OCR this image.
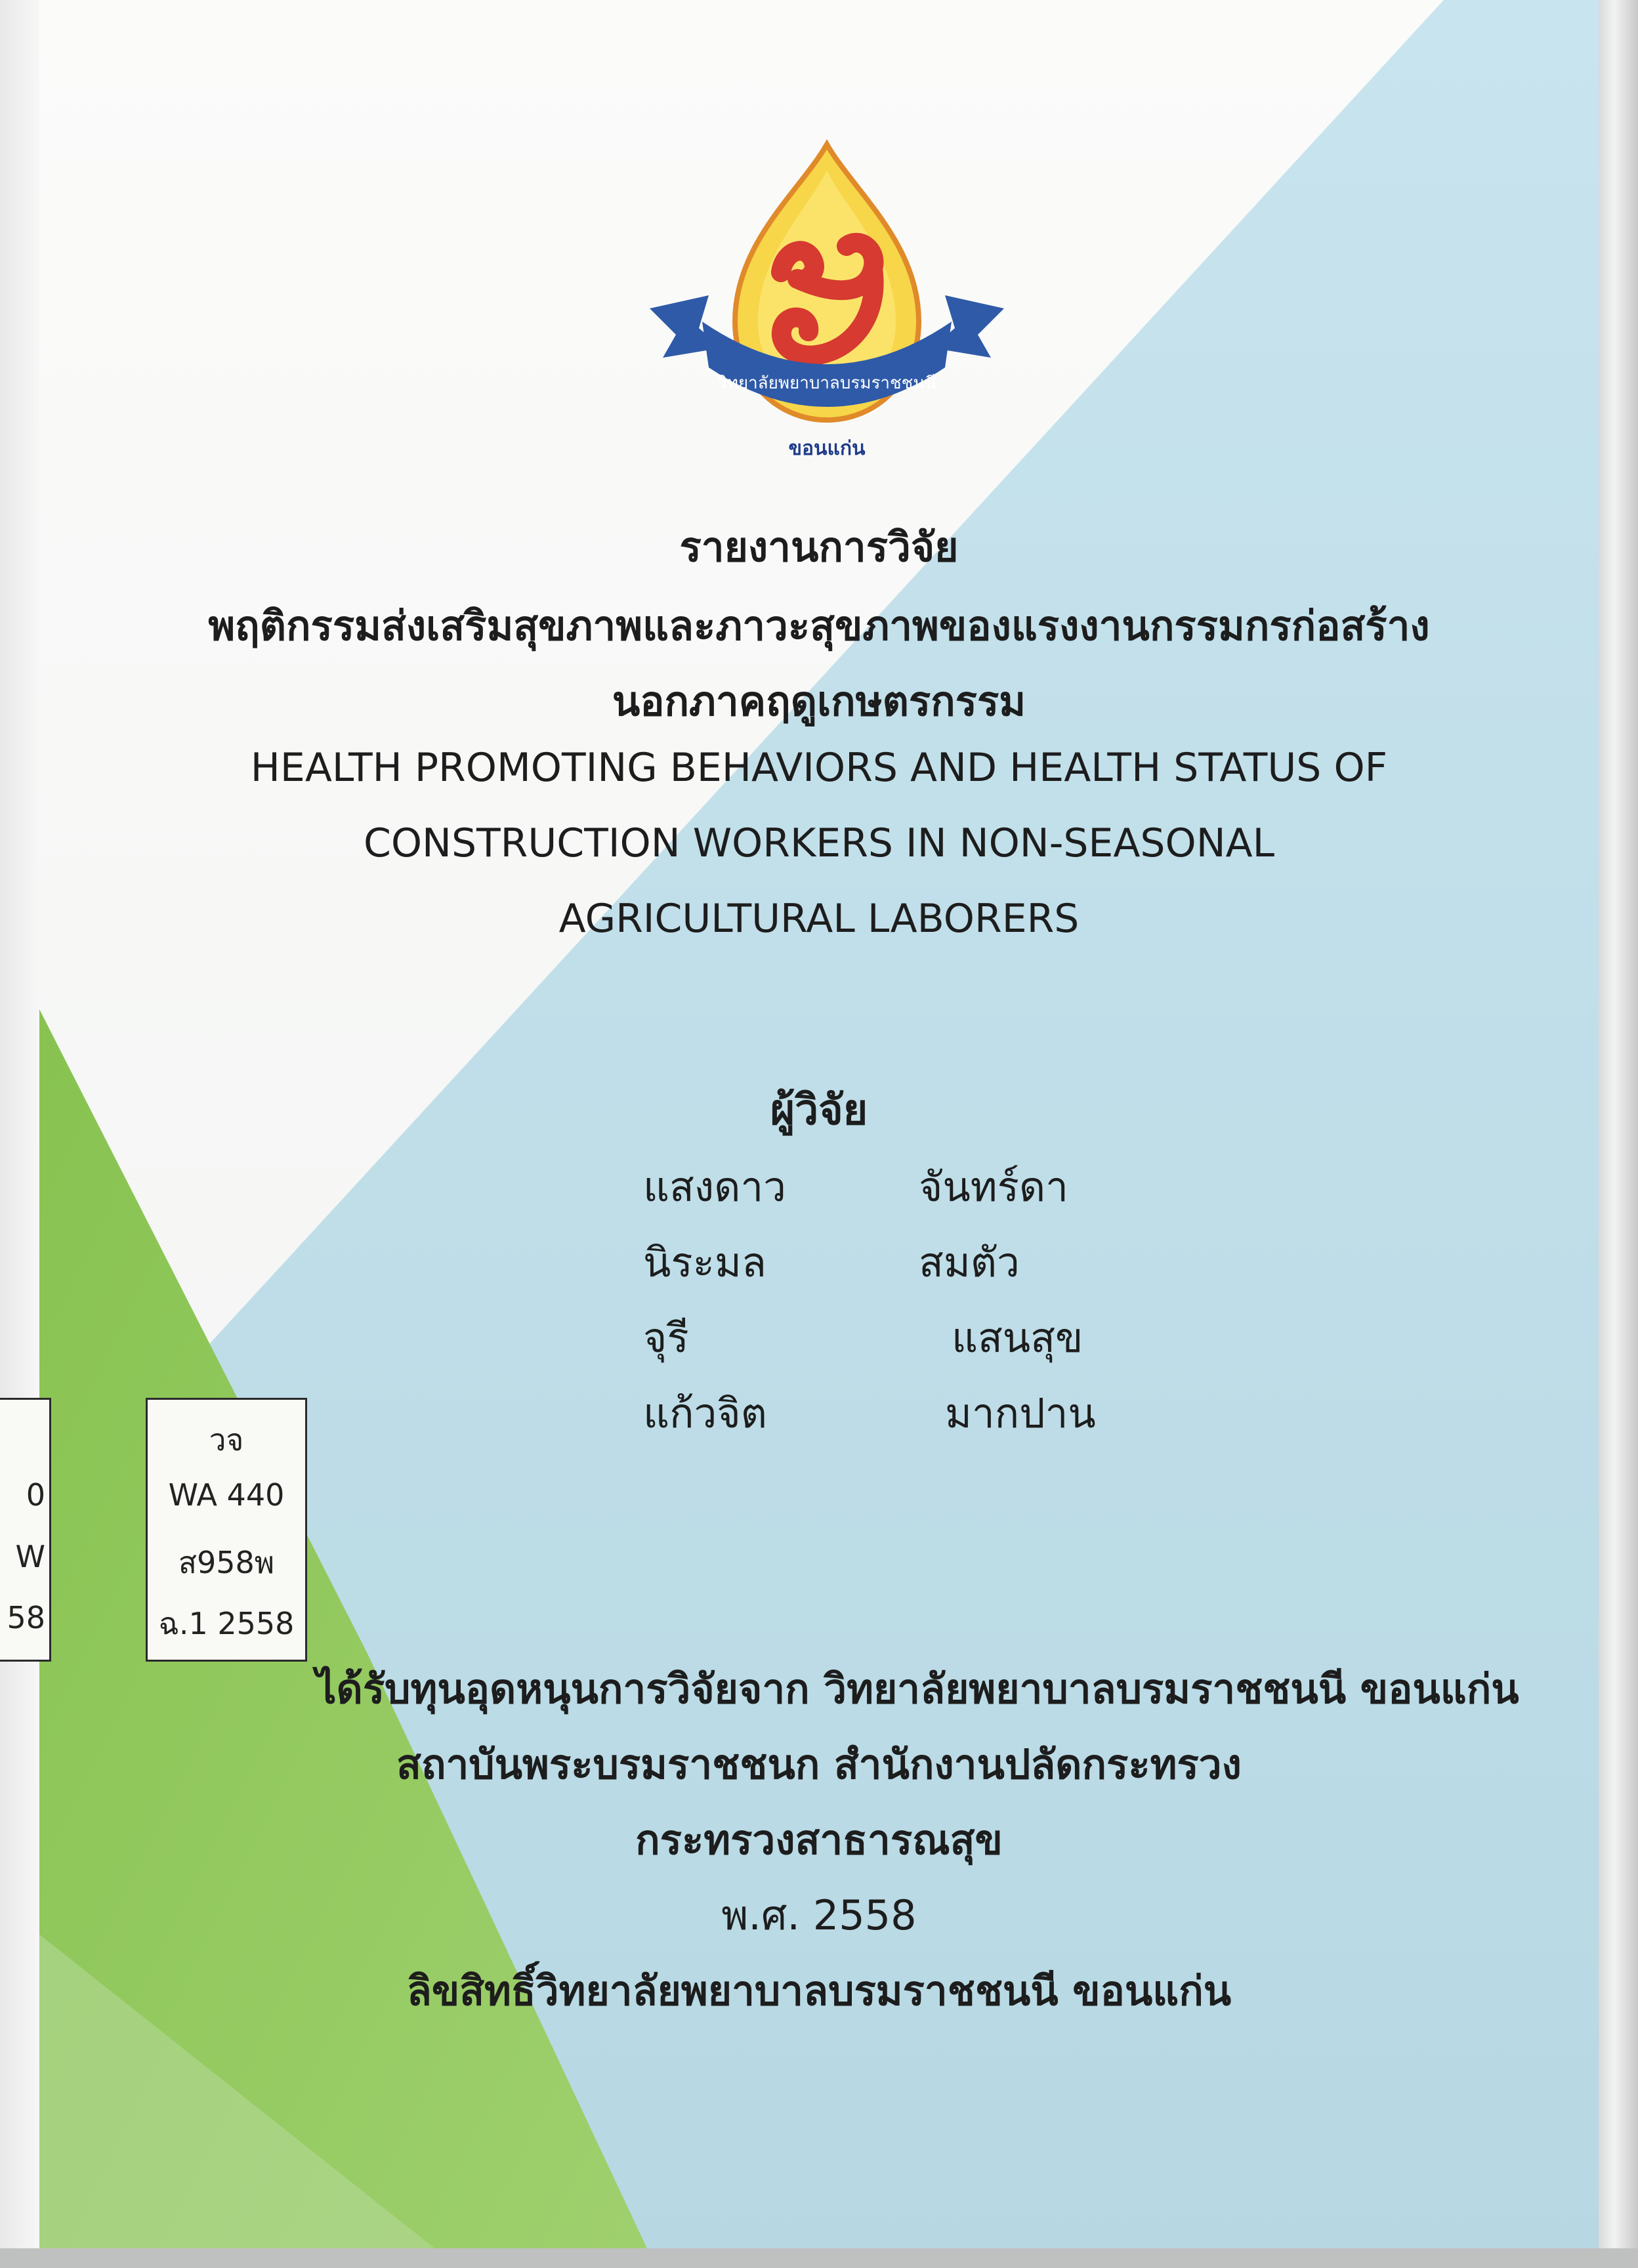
วิทยาลัยพยาบาลบรมราชชนนี
ขอนแก่น
รายงานการวิจัย
พฤติกรรมส่งเสริมสุขภาพและภาวะสุขภาพของแรงงานกรรมกรก่อสร้าง
นอกภาคฤดูเกษตรกรรม
HEALTH PROMOTING BEHAVIORS AND HEALTH STATUS OF
CONSTRUCTION WORKERS IN NON-SEASONAL
AGRICULTURAL LABORERS
ผู้วิจัย
แสงดาว	จันทร์ดา
นิระมล	สมตัว
จุรี	แสนสุข
แก้วจิต	มากปาน
0
W
58
วจ
WA 440
ส958พ
ฉ.1 2558
ได้รับทุนอุดหนุนการวิจัยจาก วิทยาลัยพยาบาลบรมราชชนนี ขอนแก่น
สถาบันพระบรมราชชนก สำนักงานปลัดกระทรวง
กระทรวงสาธารณสุข
พ.ศ. 2558
ลิขสิทธิ์วิทยาลัยพยาบาลบรมราชชนนี ขอนแก่น
